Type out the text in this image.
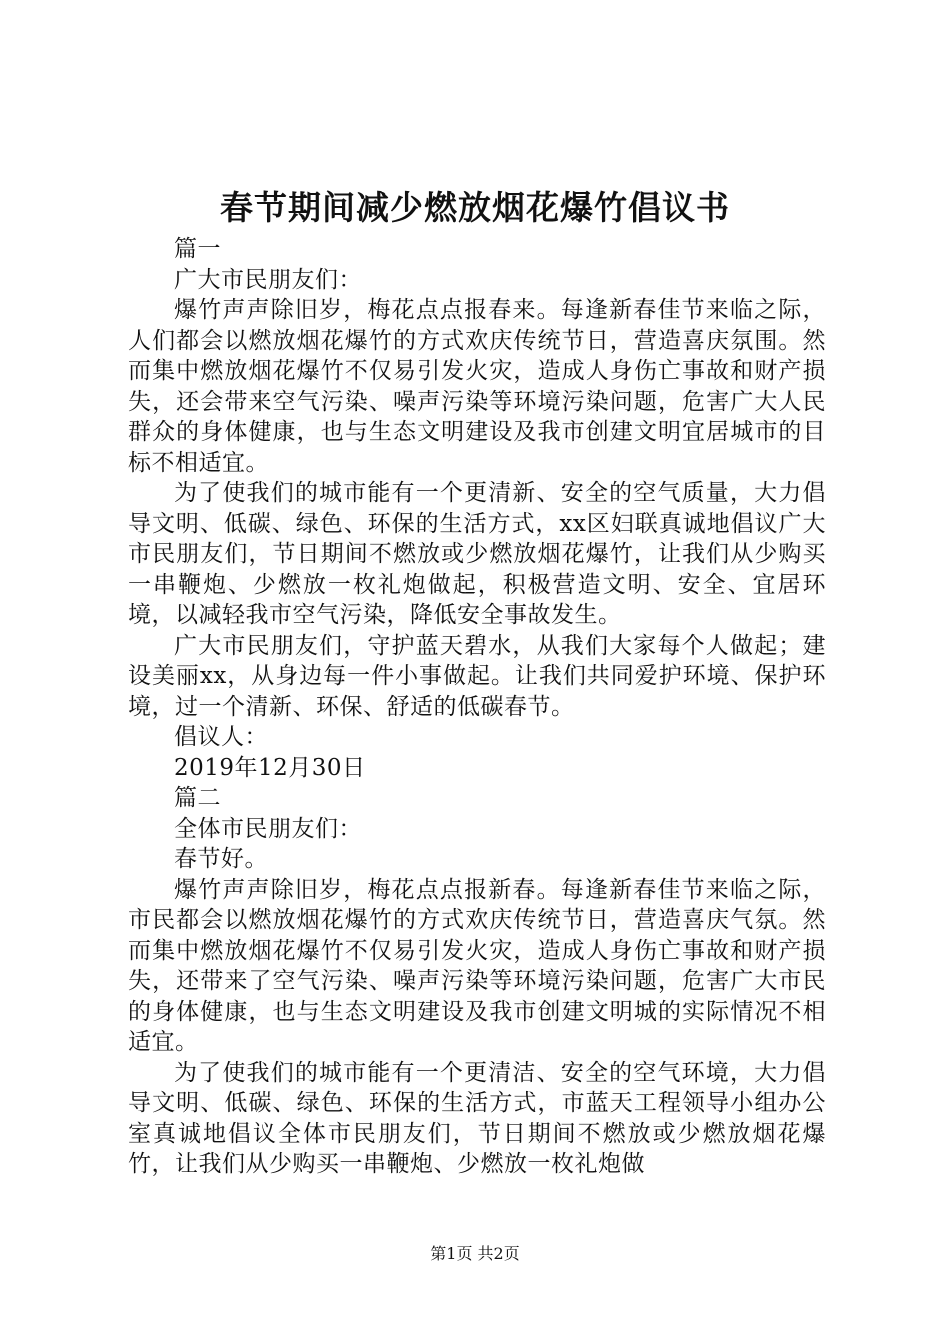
春节期间减少燃放烟花爆竹倡议书

篇一

广大市民朋友们：

爆竹声声除旧岁，梅花点点报春来。每逢新春佳节来临之际，人们都会以燃放烟花爆竹的方式欢庆传统节日，营造喜庆氛围。然而集中燃放烟花爆竹不仅易引发火灾，造成人身伤亡事故和财产损失，还会带来空气污染、噪声污染等环境污染问题，危害广大人民群众的身体健康，也与生态文明建设及我市创建文明宜居城市的目标不相适宜。

为了使我们的城市能有一个更清新、安全的空气质量，大力倡导文明、低碳、绿色、环保的生活方式，xx区妇联真诚地倡议广大市民朋友们，节日期间不燃放或少燃放烟花爆竹，让我们从少购买一串鞭炮、少燃放一枚礼炮做起，积极营造文明、安全、宜居环境，以减轻我市空气污染，降低安全事故发生。

广大市民朋友们，守护蓝天碧水，从我们大家每个人做起；建设美丽xx，从身边每一件小事做起。让我们共同爱护环境、保护环境，过一个清新、环保、舒适的低碳春节。

倡议人：

2019年12月30日

篇二

全体市民朋友们：

春节好。

爆竹声声除旧岁，梅花点点报新春。每逢新春佳节来临之际，市民都会以燃放烟花爆竹的方式欢庆传统节日，营造喜庆气氛。然而集中燃放烟花爆竹不仅易引发火灾，造成人身伤亡事故和财产损失，还带来了空气污染、噪声污染等环境污染问题，危害广大市民的身体健康，也与生态文明建设及我市创建文明城的实际情况不相适宜。

为了使我们的城市能有一个更清洁、安全的空气环境，大力倡导文明、低碳、绿色、环保的生活方式，市蓝天工程领导小组办公室真诚地倡议全体市民朋友们，节日期间不燃放或少燃放烟花爆竹，让我们从少购买一串鞭炮、少燃放一枚礼炮做

第1页 共2页
